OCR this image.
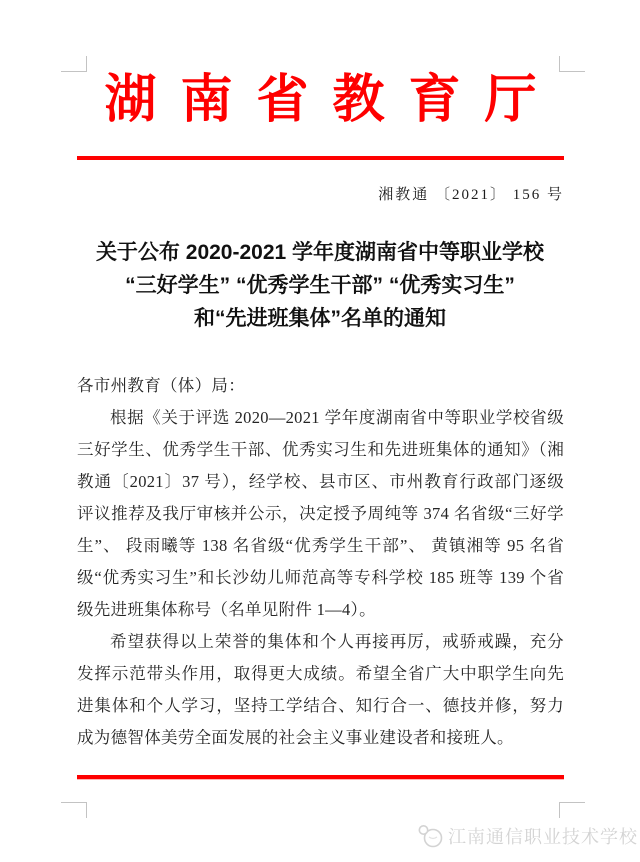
湖南省教育厅
湘教通 〔2021〕 156 号
关于公布 2020-2021 学年度湖南省中等职业学校
“三好学生” “优秀学生干部” “优秀实习生”
和“先进班集体”名单的通知
各市州教育（体）局：
根据《关于评选 2020—2021 学年度湖南省中等职业学校省级
三好学生、优秀学生干部、优秀实习生和先进班集体的通知》（湘
教通〔2021〕37 号），经学校、县市区、市州教育行政部门逐级
评议推荐及我厅审核并公示，决定授予周纯等 374 名省级“三好学
生”、 段雨曦等 138 名省级“优秀学生干部”、 黄镇湘等 95 名省
级“优秀实习生”和长沙幼儿师范高等专科学校 185 班等 139 个省
级先进班集体称号（名单见附件 1—4）。
希望获得以上荣誉的集体和个人再接再厉，戒骄戒躁，充分
发挥示范带头作用，取得更大成绩。希望全省广大中职学生向先
进集体和个人学习，坚持工学结合、知行合一、德技并修，努力
成为德智体美劳全面发展的社会主义事业建设者和接班人。
江南通信职业技术学校
